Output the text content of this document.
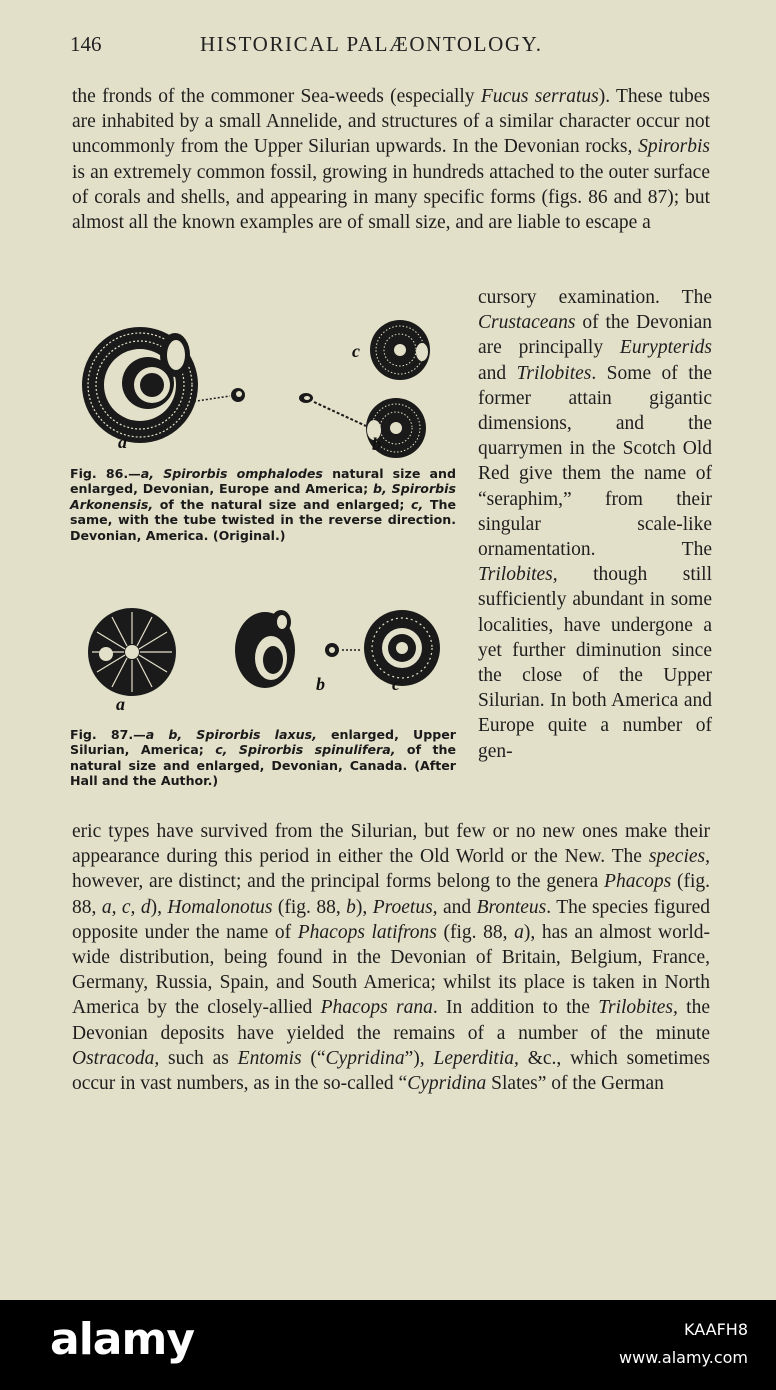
146	HISTORICAL PALÆONTOLOGY.

the fronds of the commoner Sea-weeds (especially Fucus serratus). These tubes are inhabited by a small Annelide, and structures of a similar character occur not uncommonly from the Upper Silurian upwards. In the Devonian rocks, Spirorbis is an extremely common fossil, growing in hundreds attached to the outer surface of corals and shells, and appearing in many specific forms (figs. 86 and 87); but almost all the known examples are of small size, and are liable to escape a

a	b
c
Fig. 86.—a, Spirorbis omphalodes natural size and enlarged, Devonian, Europe and America; b, Spirorbis Arkonensis, of the natural size and enlarged; c, The same, with the tube twisted in the reverse direction. Devonian, America. (Original.)
a
b	c
Fig. 87.—a b, Spirorbis laxus, enlarged, Upper Silurian, America; c, Spirorbis spinulifera, of the natural size and enlarged, Devonian, Canada. (After Hall and the Author.)

cursory examination. The Crustaceans of the Devonian are principally Eurypterids and Trilobites. Some of the former attain gigantic dimensions, and the quarrymen in the Scotch Old Red give them the name of “seraphim,” from their singular scale-like ornamentation. The Trilobites, though still sufficiently abundant in some localities, have undergone a yet further diminution since the close of the Upper Silurian. In both America and Europe quite a number of gen-

eric types have survived from the Silurian, but few or no new ones make their appearance during this period in either the Old World or the New. The species, however, are distinct; and the principal forms belong to the genera Phacops (fig. 88, a, c, d), Homalonotus (fig. 88, b), Proetus, and Bronteus. The species figured opposite under the name of Phacops latifrons (fig. 88, a), has an almost world-wide distribution, being found in the Devonian of Britain, Belgium, France, Germany, Russia, Spain, and South America; whilst its place is taken in North America by the closely-allied Phacops rana. In addition to the Trilobites, the Devonian deposits have yielded the remains of a number of the minute Ostracoda, such as Entomis (“Cypridina”), Leperditia, &c., which sometimes occur in vast numbers, as in the so-called “Cypridina Slates” of the German

alamy	KAAFH8
www.alamy.com
